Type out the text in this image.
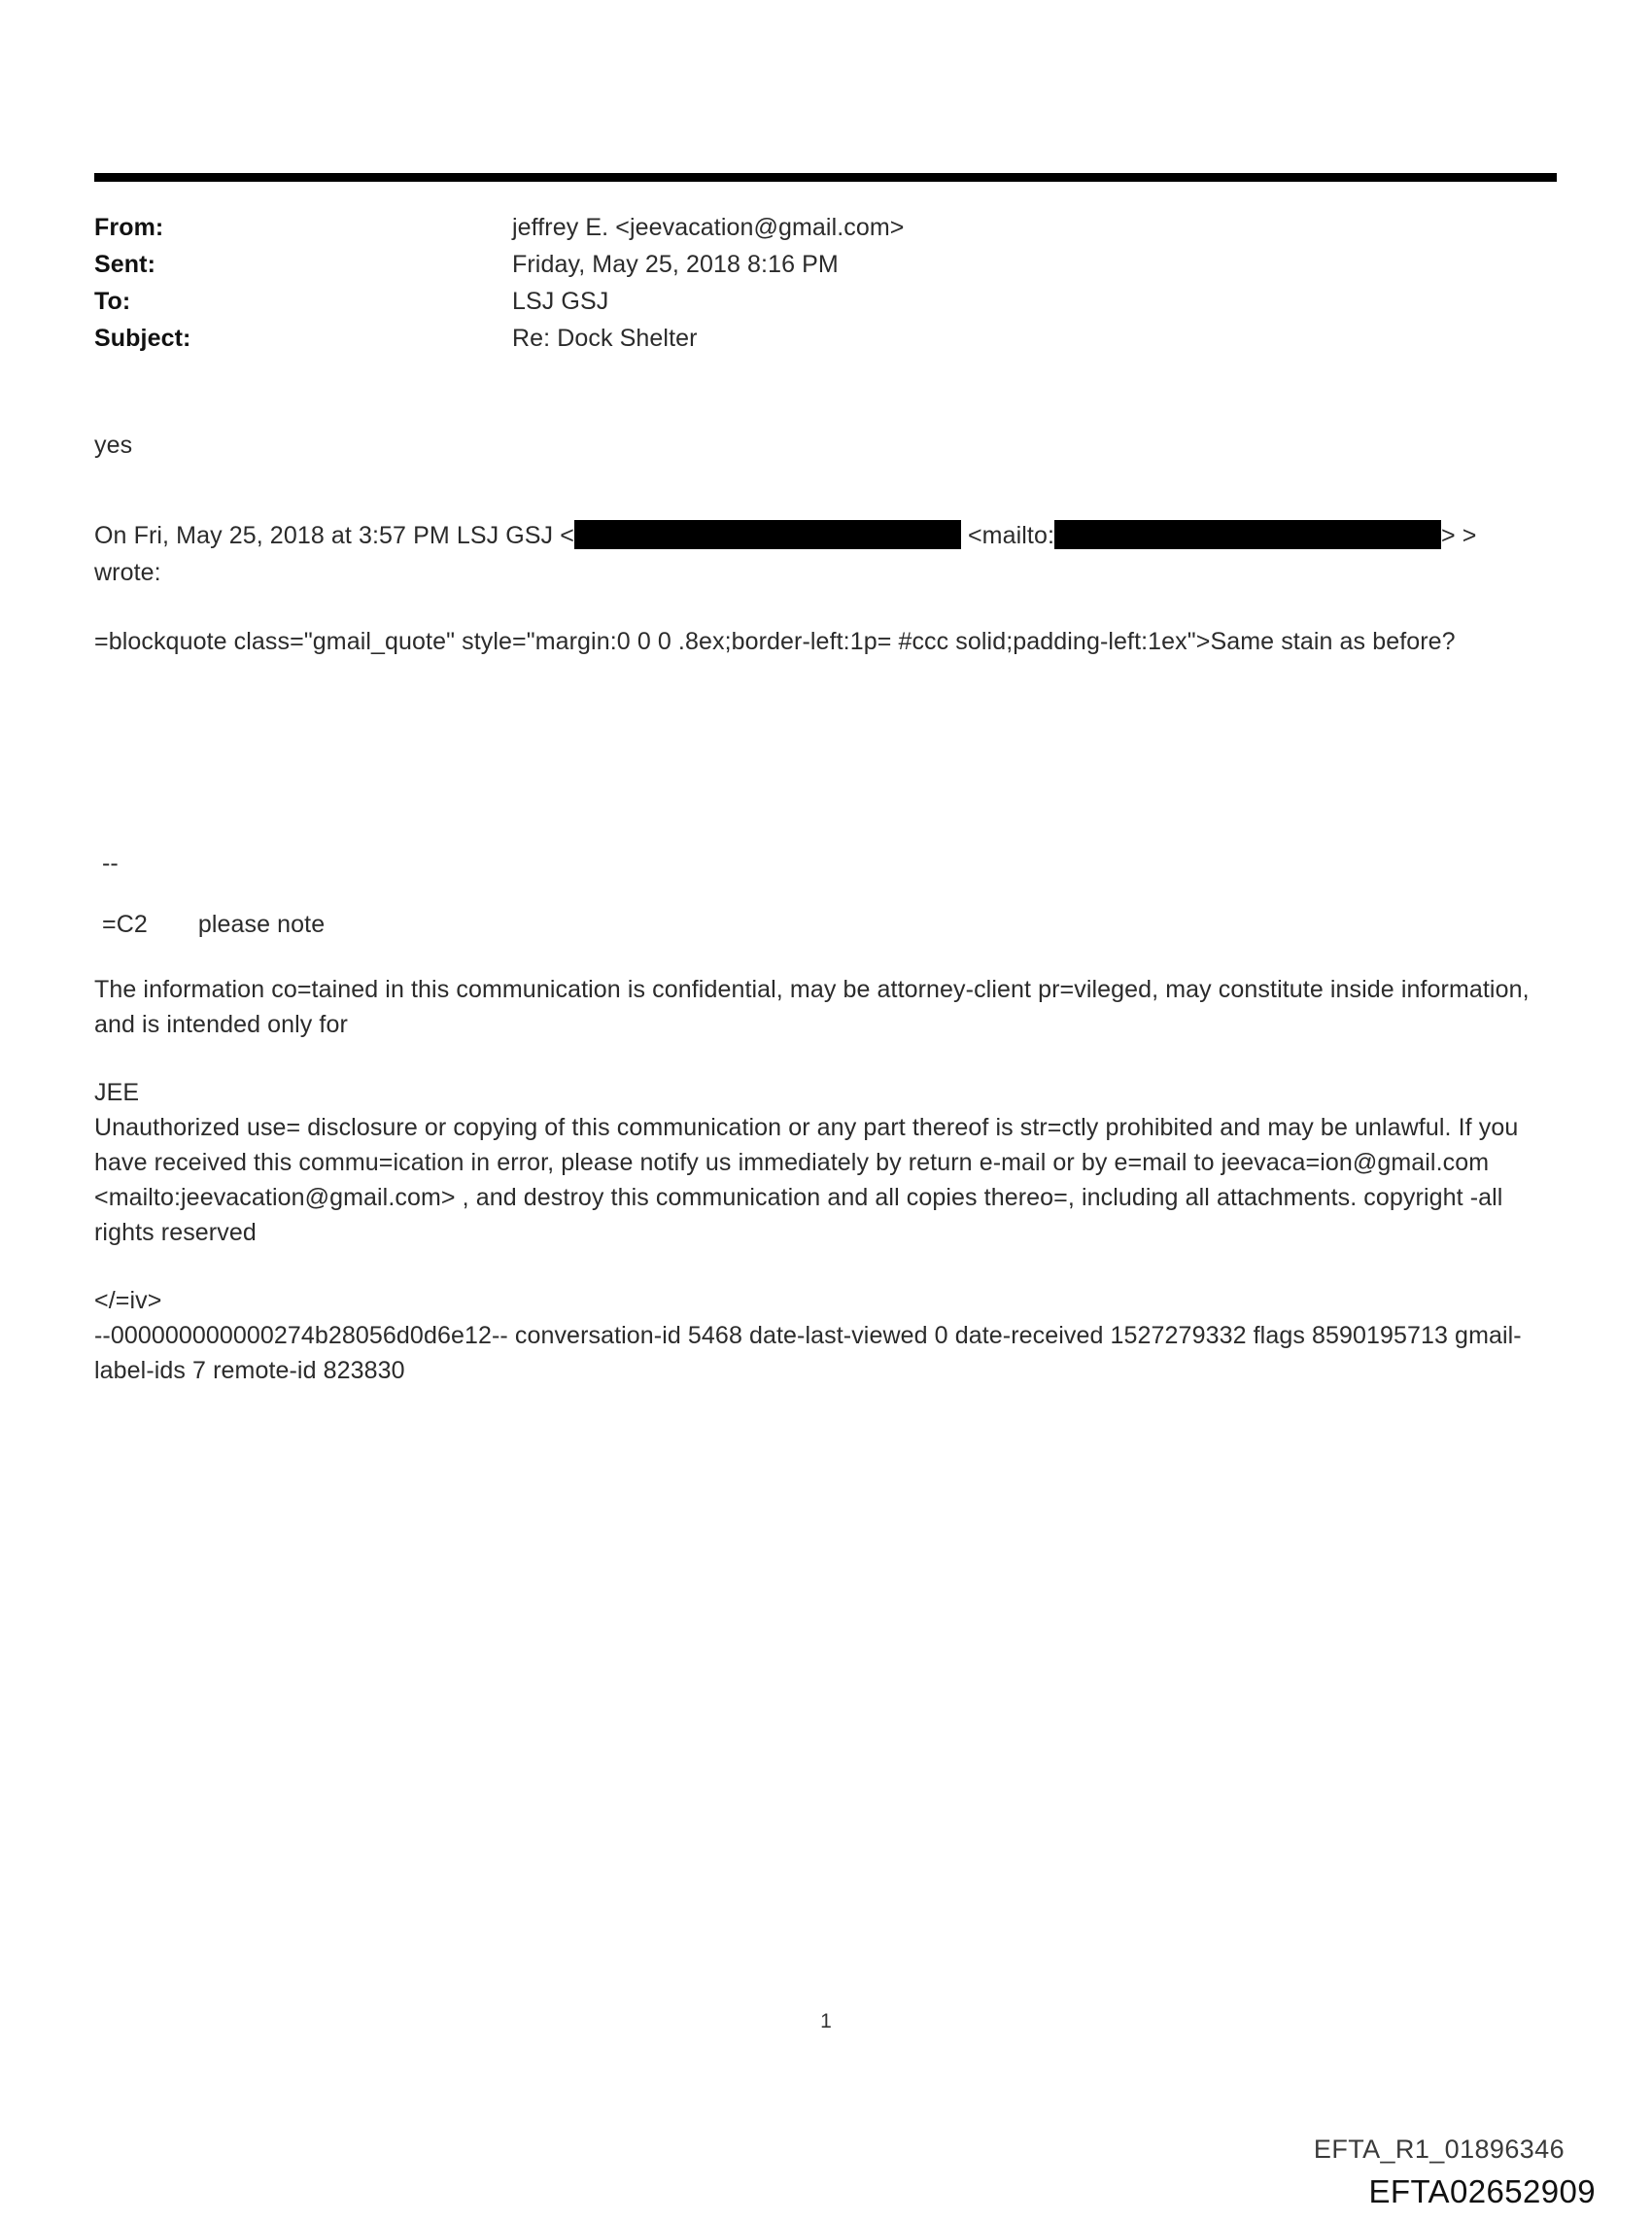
From:	jeffrey E. <jeevacation@gmail.com>
Sent:	Friday, May 25, 2018 8:16 PM
To:	LSJ GSJ
Subject:	Re: Dock Shelter

yes

On Fri, May 25, 2018 at 3:57 PM LSJ GSJ <	<mailto:	> >
wrote:

=blockquote class="gmail_quote" style="margin:0 0 0 .8ex;border-left:1p= #ccc solid;padding-left:1ex">Same stain as before?

--
=C2 please note

The information co=tained in this communication is confidential, may be attorney-client pr=vileged, may constitute inside information, and is intended only for

JEE

Unauthorized use= disclosure or copying of this communication or any part thereof is str=ctly prohibited and may be unlawful. If you have received this commu=ication in error, please notify us immediately by return e-mail or by e=mail to jeevaca=ion@gmail.com <mailto:jeevacation@gmail.com> , and destroy this communication and all copies thereo=, including all attachments. copyright -all rights reserved

</=iv>

--000000000000274b28056d0d6e12-- conversation-id 5468 date-last-viewed 0 date-received 1527279332 flags 8590195713 gmail-label-ids 7 remote-id 823830

1
EFTA_R1_01896346
EFTA02652909
